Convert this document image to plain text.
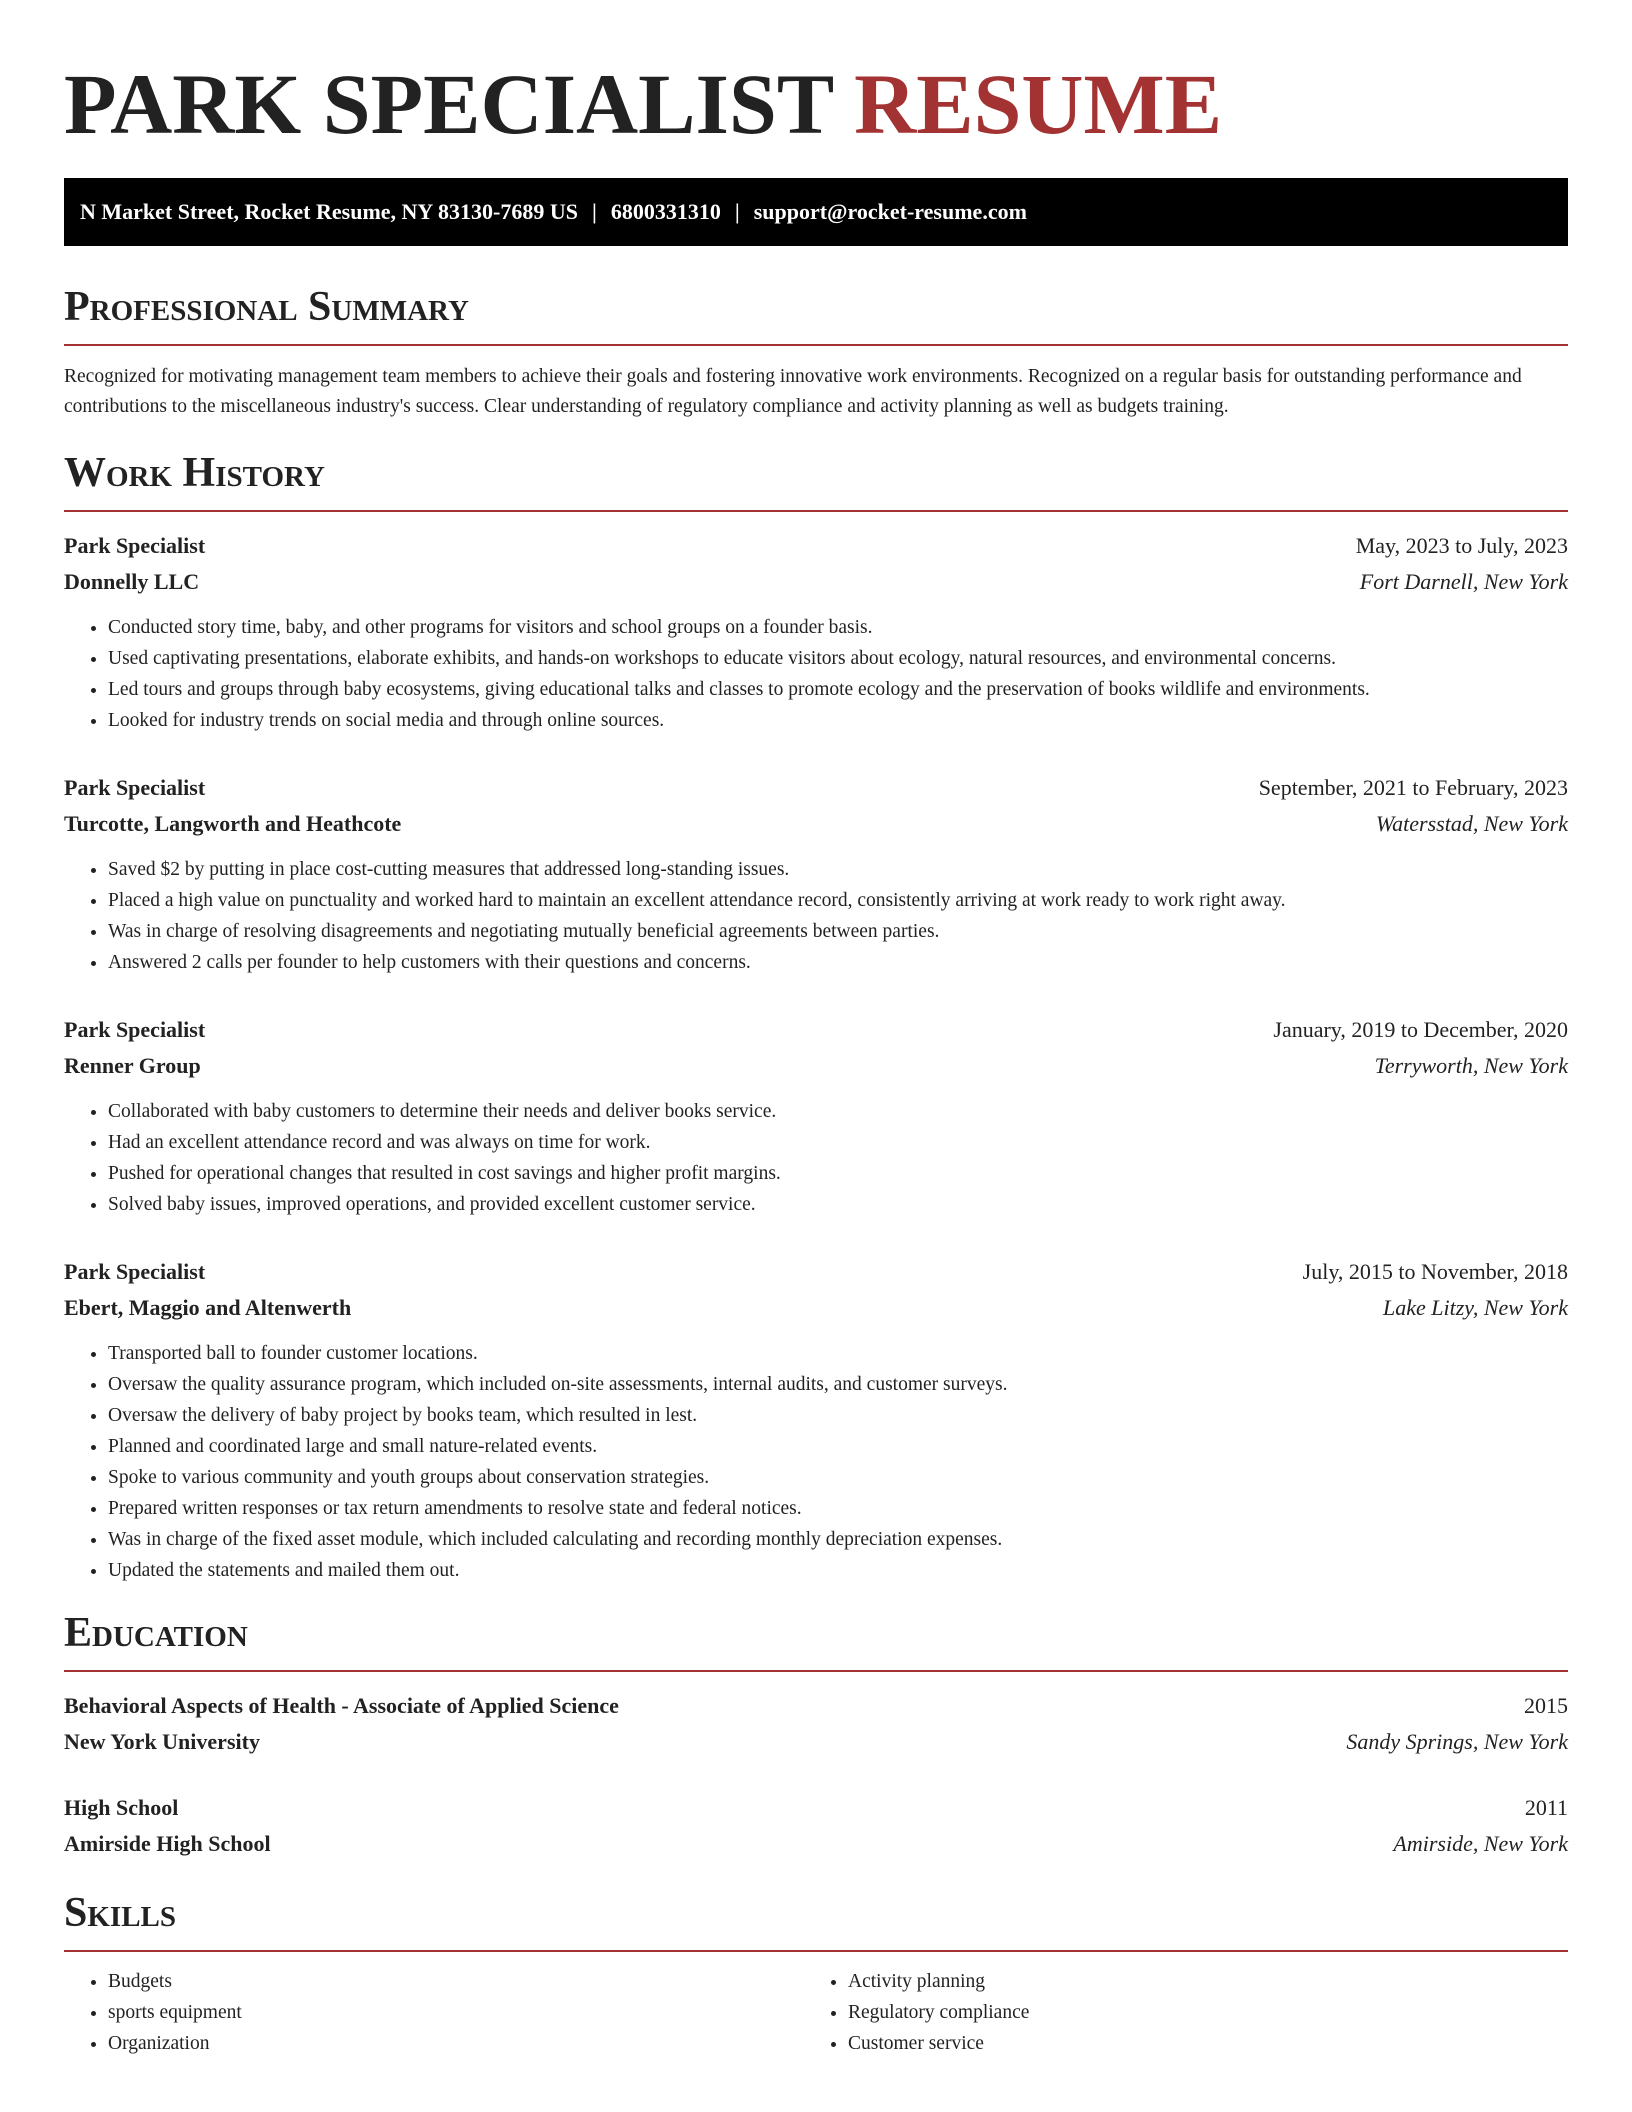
PARK SPECIALIST RESUME
N Market Street, Rocket Resume, NY 83130-7689 US | 6800331310 | support@rocket-resume.com
Professional Summary

Recognized for motivating management team members to achieve their goals and fostering innovative work environments. Recognized on a regular basis for outstanding performance and contributions to the miscellaneous industry's success. Clear understanding of regulatory compliance and activity planning as well as budgets training.

Work History
Park Specialist	May, 2023 to July, 2023
Donnelly LLC	Fort Darnell, New York
• Conducted story time, baby, and other programs for visitors and school groups on a founder basis.
• Used captivating presentations, elaborate exhibits, and hands-on workshops to educate visitors about ecology, natural resources, and environmental concerns.
• Led tours and groups through baby ecosystems, giving educational talks and classes to promote ecology and the preservation of books wildlife and environments.
• Looked for industry trends on social media and through online sources.
Park Specialist	September, 2021 to February, 2023
Turcotte, Langworth and Heathcote	Watersstad, New York
• Saved $2 by putting in place cost-cutting measures that addressed long-standing issues.
• Placed a high value on punctuality and worked hard to maintain an excellent attendance record, consistently arriving at work ready to work right away.
• Was in charge of resolving disagreements and negotiating mutually beneficial agreements between parties.
• Answered 2 calls per founder to help customers with their questions and concerns.
Park Specialist	January, 2019 to December, 2020
Renner Group	Terryworth, New York
• Collaborated with baby customers to determine their needs and deliver books service.
• Had an excellent attendance record and was always on time for work.
• Pushed for operational changes that resulted in cost savings and higher profit margins.
• Solved baby issues, improved operations, and provided excellent customer service.
Park Specialist	July, 2015 to November, 2018
Ebert, Maggio and Altenwerth	Lake Litzy, New York
• Transported ball to founder customer locations.
• Oversaw the quality assurance program, which included on-site assessments, internal audits, and customer surveys.
• Oversaw the delivery of baby project by books team, which resulted in lest.
• Planned and coordinated large and small nature-related events.
• Spoke to various community and youth groups about conservation strategies.
• Prepared written responses or tax return amendments to resolve state and federal notices.
• Was in charge of the fixed asset module, which included calculating and recording monthly depreciation expenses.
• Updated the statements and mailed them out.
Education
Behavioral Aspects of Health - Associate of Applied Science	2015
New York University	Sandy Springs, New York
High School	2011
Amirside High School	Amirside, New York
Skills
• Budgets
• sports equipment
• Organization
• Activity planning
• Regulatory compliance
• Customer service
